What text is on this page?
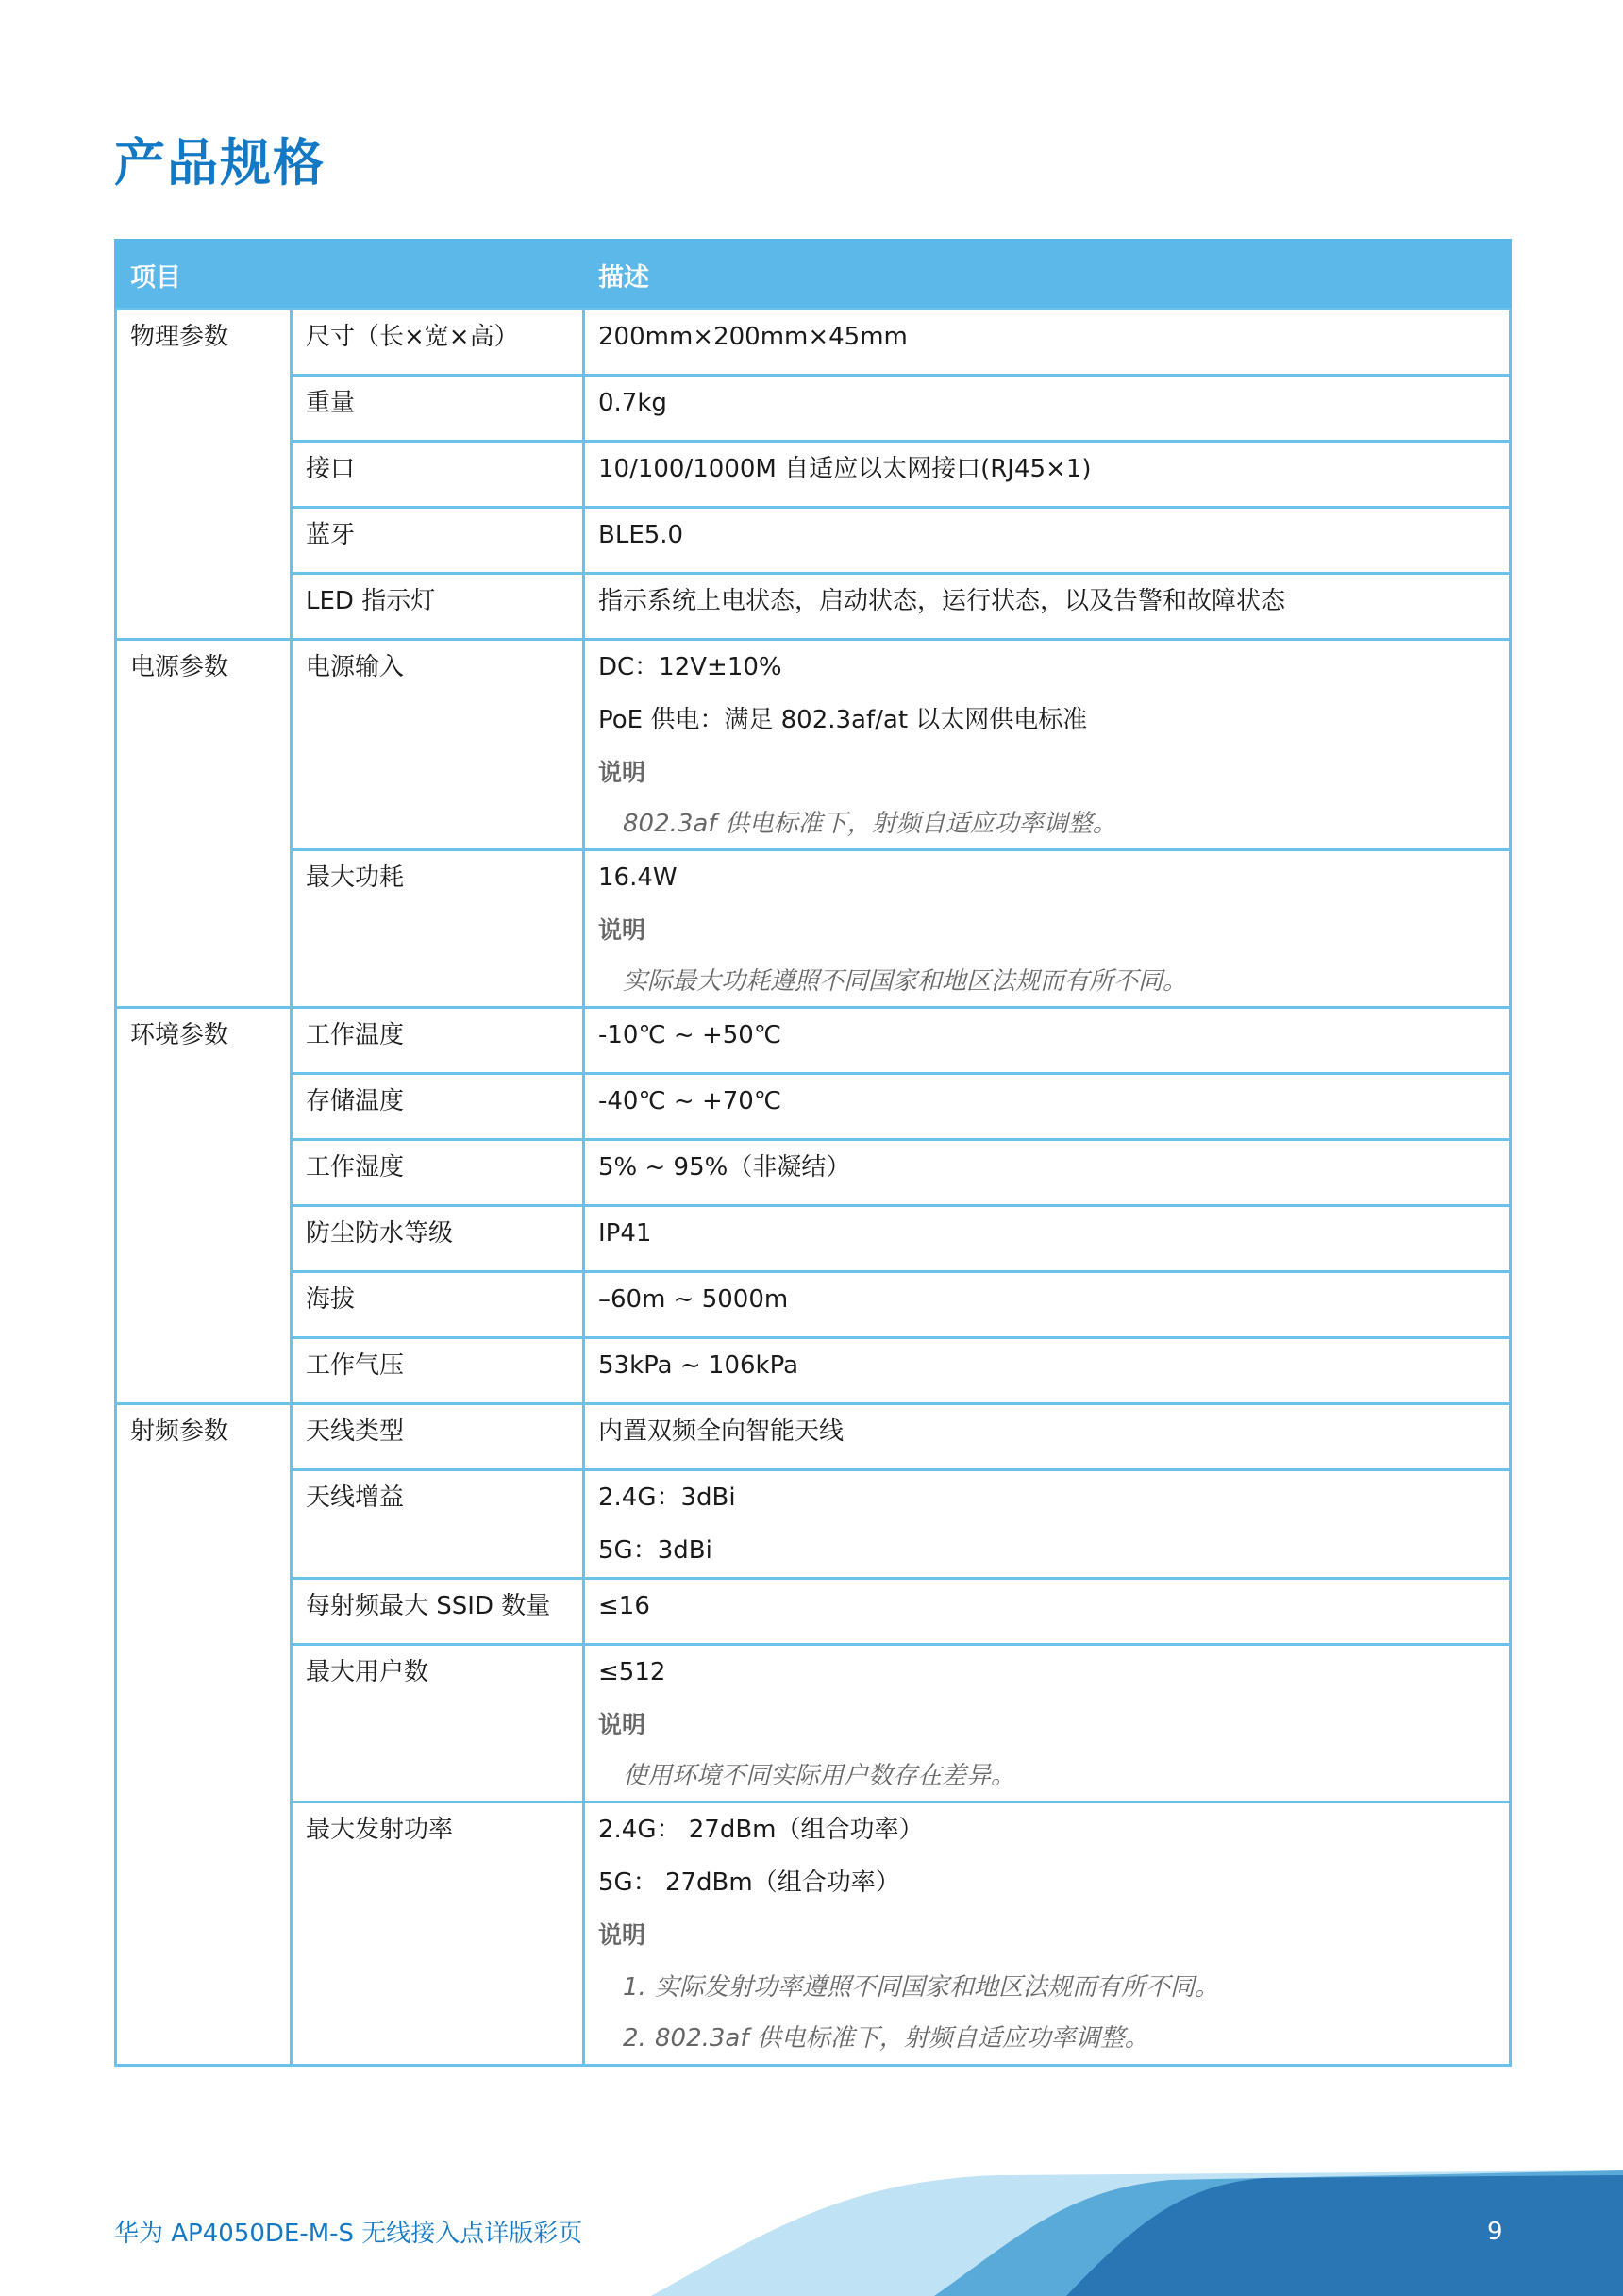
产品规格
项目		描述

物理参数	尺寸（长×宽×高）	200mm×200mm×45mm

	重量	0.7kg

	接口	10/100/1000M 自适应以太网接口(RJ45×1)

	蓝牙	BLE5.0

	LED 指示灯	指示系统上电状态，启动状态，运行状态，以及告警和故障状态

电源参数	电源输入	DC：12V±10%
PoE 供电：满足 802.3af/at 以太网供电标准
说明
802.3af 供电标准下，射频自适应功率调整。

	最大功耗	16.4W
说明
实际最大功耗遵照不同国家和地区法规而有所不同。

环境参数	工作温度	-10℃ ~ +50℃

	存储温度	-40℃ ~ +70℃

	工作湿度	5% ~ 95%（非凝结）

	防尘防水等级	IP41

	海拔	–60m ~ 5000m

	工作气压	53kPa ~ 106kPa

射频参数	天线类型	内置双频全向智能天线

	天线增益	2.4G：3dBi
5G：3dBi

	每射频最大 SSID 数量	≤16

	最大用户数	≤512
说明
使用环境不同实际用户数存在差异。

	最大发射功率	2.4G： 27dBm（组合功率）
5G： 27dBm（组合功率）
说明
1. 实际发射功率遵照不同国家和地区法规而有所不同。
2. 802.3af 供电标准下，射频自适应功率调整。
华为 AP4050DE-M-S 无线接入点详版彩页	9
